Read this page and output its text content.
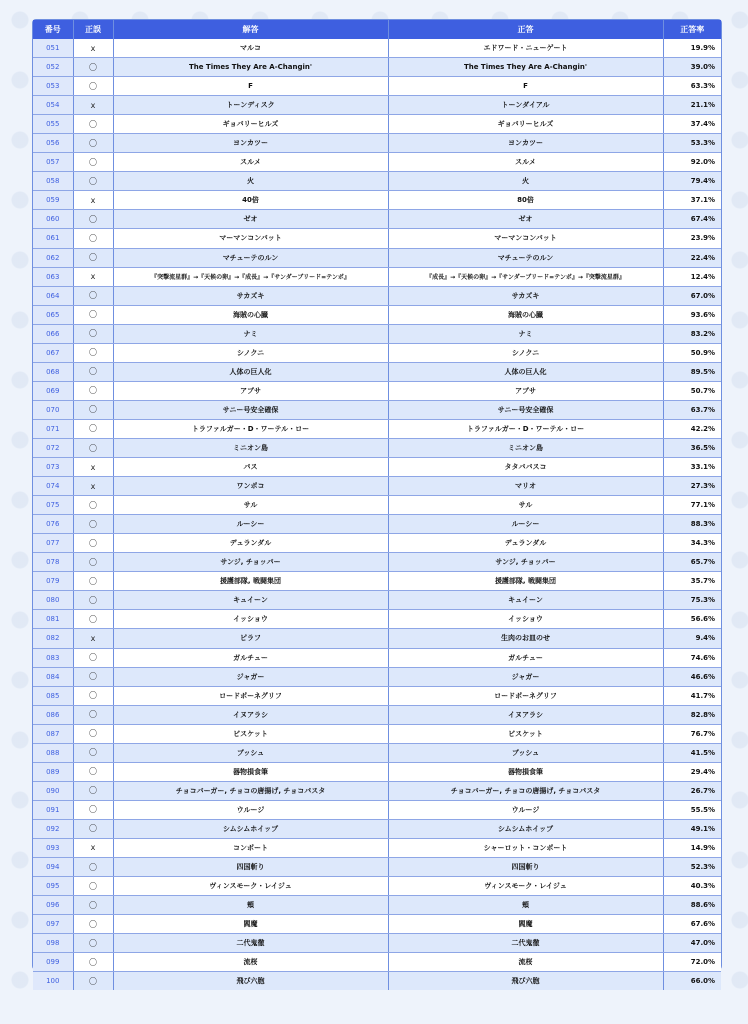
番号	正誤	解答	正答	正答率
051	x	マルコ	エドワード・ニューゲート	19.9%
052	〇	The Times They Are A-Changin'	The Times They Are A-Changin'	39.0%
053	〇	F	F	63.3%
054	x	トーンディスク	トーンダイアル	21.1%
055	〇	ギョバリーヒルズ	ギョバリーヒルズ	37.4%
056	〇	ヨンカツー	ヨンカツー	53.3%
057	〇	スルメ	スルメ	92.0%
058	〇	火	火	79.4%
059	x	40倍	80倍	37.1%
060	〇	ゼオ	ゼオ	67.4%
061	〇	マーマンコンバット	マーマンコンバット	23.9%
062	〇	マチューテのルン	マチューテのルン	22.4%
063	x	『突撃流星群』→『天候の卵』→『成長』→『サンダーブリード=テンポ』	『成長』→『天候の卵』→『サンダーブリード=テンポ』→『突撃流星群』	12.4%
064	〇	サカズキ	サカズキ	67.0%
065	〇	海賊の心臓	海賊の心臓	93.6%
066	〇	ナミ	ナミ	83.2%
067	〇	シノクニ	シノクニ	50.9%
068	〇	人体の巨人化	人体の巨人化	89.5%
069	〇	アブサ	アブサ	50.7%
070	〇	サニー号安全確保	サニー号安全確保	63.7%
071	〇	トラファルガー・D・ワーテル・ロー	トラファルガー・D・ワーテル・ロー	42.2%
072	〇	ミニオン島	ミニオン島	36.5%
073	x	パス	タタババスコ	33.1%
074	x	ワンポコ	マリオ	27.3%
075	〇	サル	サル	77.1%
076	〇	ルーシー	ルーシー	88.3%
077	〇	デュランダル	デュランダル	34.3%
078	〇	サンジ, チョッパー	サンジ, チョッパー	65.7%
079	〇	援護部隊, 戦闘集団	援護部隊, 戦闘集団	35.7%
080	〇	キュイーン	キュイーン	75.3%
081	〇	イッショウ	イッショウ	56.6%
082	x	ピラフ	生肉のお皿のせ	9.4%
083	〇	ガルチュー	ガルチュー	74.6%
084	〇	ジャガー	ジャガー	46.6%
085	〇	ロードポーネグリフ	ロードポーネグリフ	41.7%
086	〇	イヌアラシ	イヌアラシ	82.8%
087	〇	ビスケット	ビスケット	76.7%
088	〇	ブッシュ	ブッシュ	41.5%
089	〇	器物損食筆	器物損食筆	29.4%
090	〇	チョコバーガー, チョコの唐揚げ, チョコパスタ	チョコバーガー, チョコの唐揚げ, チョコパスタ	26.7%
091	〇	ウルージ	ウルージ	55.5%
092	〇	シムシムホイップ	シムシムホイップ	49.1%
093	x	コンポート	シャーロット・コンポート	14.9%
094	〇	四国斬り	四国斬り	52.3%
095	〇	ヴィンスモーク・レイジュ	ヴィンスモーク・レイジュ	40.3%
096	〇	頬	頬	88.6%
097	〇	閻魔	閻魔	67.6%
098	〇	二代鬼徹	二代鬼徹	47.0%
099	〇	流桜	流桜	72.0%
100	〇	飛び六胞	飛び六胞	66.0%
